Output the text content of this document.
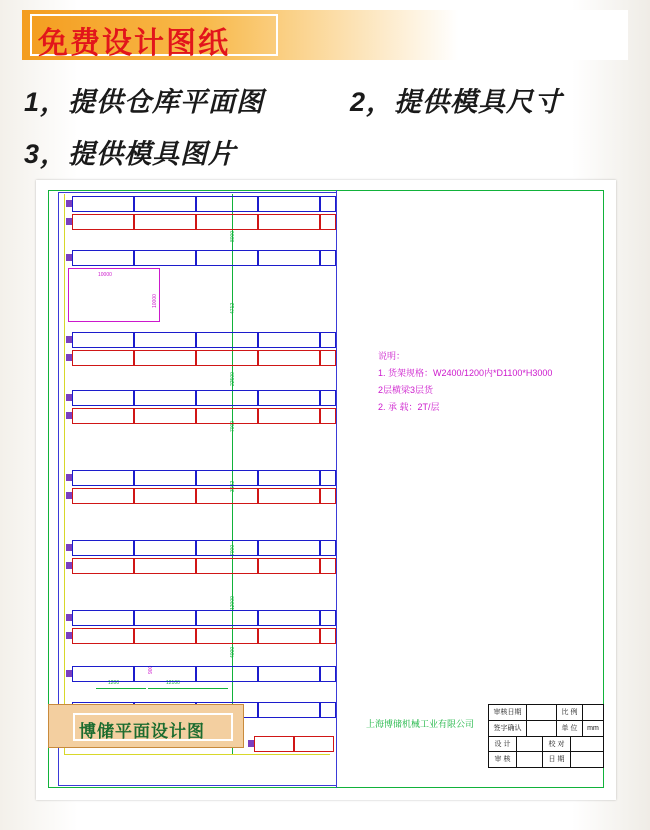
免费设计图纸
1，提供仓库平面图	2，提供模具尺寸
3，提供模具图片
8000
4712
22500
7000
3982
7000
12000
4000
10000
10000
1200	12100
900
说明：
1. 货架规格：W2400/1200内*D1100*H3000
2层横梁3层货
2. 承 载：2T/层
上海博储机械工业有限公司
审核日期	比 例
签字确认	单 位	mm
设 计	校 对
审 核	日 期
博储平面设计图
